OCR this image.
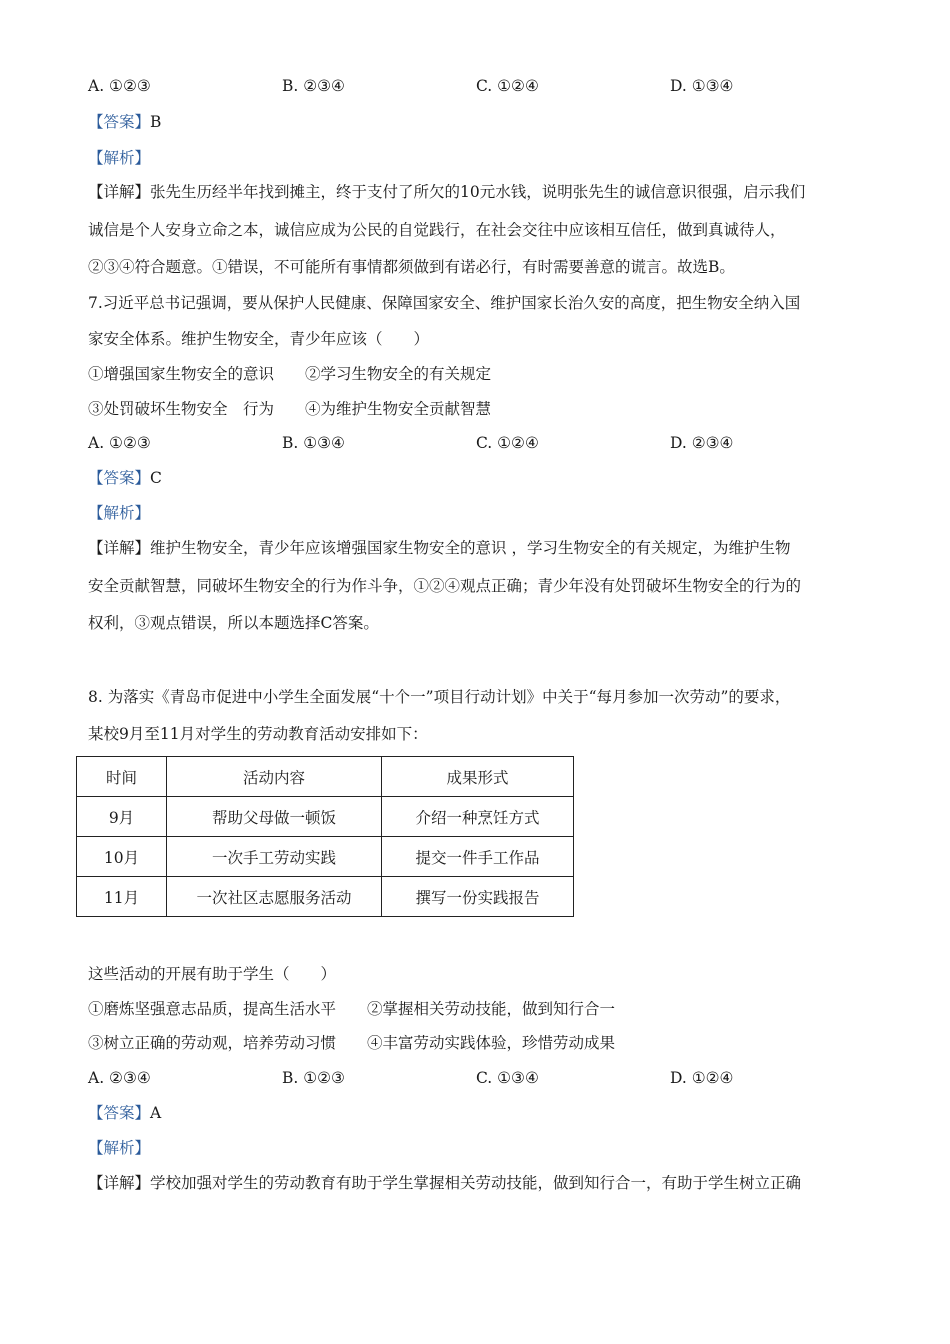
A. ①②③	B. ②③④	C. ①②④	D. ①③④
【答案】B
【解析】
【详解】张先生历经半年找到摊主，终于支付了所欠的10元水钱，说明张先生的诚信意识很强，启示我们
诚信是个人安身立命之本，诚信应成为公民的自觉践行，在社会交往中应该相互信任，做到真诚待人，
②③④符合题意。①错误，不可能所有事情都须做到有诺必行，有时需要善意的谎言。故选B。
7.习近平总书记强调，要从保护人民健康、保障国家安全、维护国家长治久安的高度，把生物安全纳入国
家安全体系。维护生物安全，青少年应该（　　）
①增强国家生物安全的意识　　②学习生物安全的有关规定
③处罚破坏生物安全　行为　　④为维护生物安全贡献智慧
A. ①②③	B. ①③④	C. ①②④	D. ②③④
【答案】C
【解析】
【详解】维护生物安全，青少年应该增强国家生物安全的意识 ，学习生物安全的有关规定，为维护生物
安全贡献智慧，同破坏生物安全的行为作斗争，①②④观点正确；青少年没有处罚破坏生物安全的行为的
权利，③观点错误，所以本题选择C答案。
8. 为落实《青岛市促进中小学生全面发展“十个一”项目行动计划》中关于“每月参加一次劳动”的要求，
某校9月至11月对学生的劳动教育活动安排如下：
时间	活动内容	成果形式
9月	帮助父母做一顿饭	介绍一种烹饪方式
10月	一次手工劳动实践	提交一件手工作品
11月	一次社区志愿服务活动	撰写一份实践报告
这些活动的开展有助于学生（　　）
①磨炼坚强意志品质，提高生活水平　　②掌握相关劳动技能，做到知行合一
③树立正确的劳动观，培养劳动习惯　　④丰富劳动实践体验，珍惜劳动成果
A. ②③④	B. ①②③	C. ①③④	D. ①②④
【答案】A
【解析】
【详解】学校加强对学生的劳动教育有助于学生掌握相关劳动技能，做到知行合一，有助于学生树立正确
